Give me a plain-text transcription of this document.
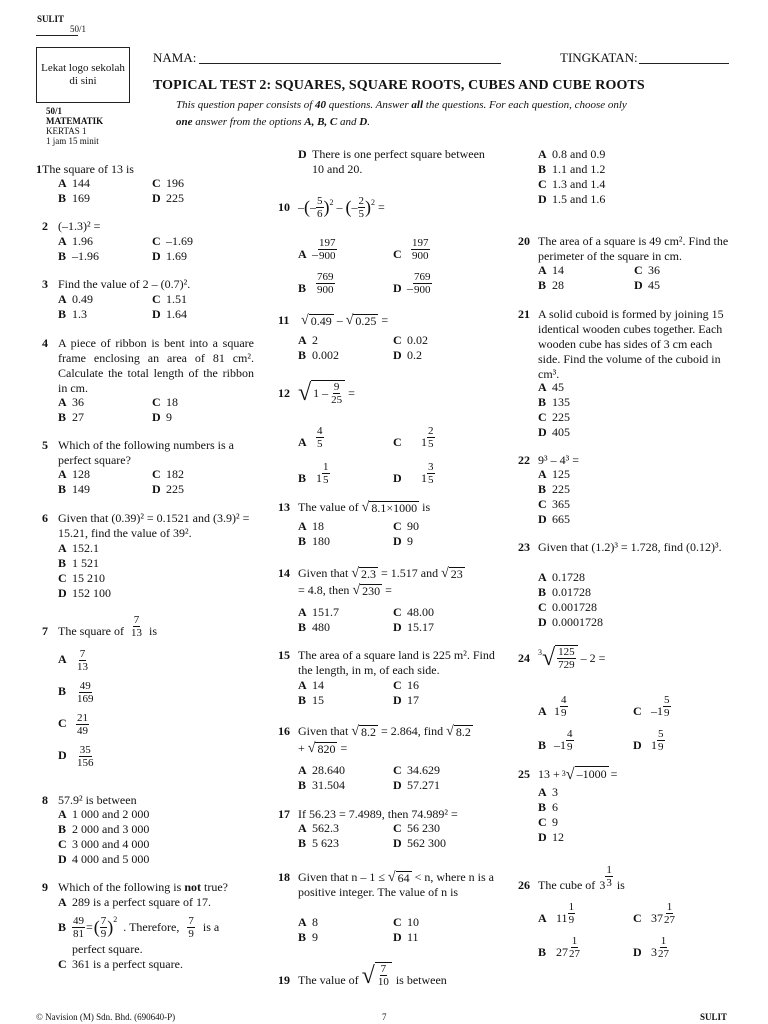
SULIT
50/1
Lekat logo sekolah di sini
50/1
MATEMATIK
KERTAS 1
1 jam 15 minit
NAMA:	TINGKATAN:
TOPICAL TEST 2: SQUARES, SQUARE ROOTS, CUBES AND CUBE ROOTS
This question paper consists of 40 questions. Answer all the questions. For each question, choose only
one answer from the options A, B, C and D.
1The square of 13 is
A 144	C 196
B 169	D 225
2 (–1.3)² =
A 1.96	C –1.69
B –1.96	D 1.69
3 Find the value of 2 – (0.7)².
A 0.49	C 1.51
B 1.3	D 1.64
4 A piece of ribbon is bent into a square frame enclosing an area of 81 cm². Calculate the total length of the ribbon in cm.
A 36	C 18
B 27	D 9
5 Which of the following numbers is a perfect square?
A 128	C 182
B 149	D 225
6 Given that (0.39)² = 0.1521 and (3.9)² = 15.21, find the value of 39².
A 152.1
B 1 521
C 15 210
D 152 100
7 The square of $\frac{7}{13}$ is
A $\frac{7}{13}$
B $\frac{49}{169}$
C $\frac{21}{49}$
D $\frac{35}{156}$
8 57.9² is between
A 1 000 and 2 000
B 2 000 and 3 000
C 3 000 and 4 000
D 4 000 and 5 000
9 Which of the following is not true?
A 289 is a perfect square of 17.
B $\frac{49}{81}$ = ( $\frac{7}{9} )^2$ . Therefore, $\frac{7}{9}$ is a
perfect square.
C 361 is a perfect square.
D There is one perfect square between 10 and 20.
10 – ( – $\frac{5}{6} )^2$ – ( – $\frac{2}{5} )^2$ =
A – $\frac{197}{900}$	C $\frac{197}{900}$
B $\frac{769}{900}$	D – $\frac{769}{900}$
11 √ 0.49 – √ 0.25 =
A 2	C 0.02
B 0.002	D 0.2
12 √ $1 - \frac{9}{25}$ =
A $\frac{4}{5}$	C	$1 \frac{2}{5}$
B $1 \frac{1}{5}$	D	$1 \frac{3}{5}$
13 The value of √ 8.1×1000 is
A 18	C 90
B 180	D 9
14 Given that √ 2.3 = 1.517 and √ 23
= 4.8, then √ 230 =
A 151.7	C 48.00
B 480	D 15.17
15 The area of a square land is 225 m². Find the length, in m, of each side.
A 14	C 16
B 15	D 17
16 Given that √ 8.2 = 2.864, find √ 8.2
+ √ 820 =
A 28.640	C 34.629
B 31.504	D 57.271
17 If 56.23 = 7.4989, then 74.989² =
A 562.3	C 56 230
B 5 623	D 562 300
18 Given that n – 1 ≤ √ 64 < n, where n is a positive integer. The value of n is
A 8	C 10
B 9	D 11
19 The value of √ $\frac{7}{10}$ is between
A 0.8 and 0.9
B 1.1 and 1.2
C 1.3 and 1.4
D 1.5 and 1.6
20 The area of a square is 49 cm². Find the perimeter of the square in cm.
A 14	C 36
B 28	D 45
21 A solid cuboid is formed by joining 15 identical wooden cubes together. Each wooden cube has sides of 3 cm each side. Find the volume of the cuboid in cm³.
A 45
B 135
C 225
D 405
22 9³ – 4³ =
A 125
B 225
C 365
D 665
23 Given that (1.2)³ = 1.728, find (0.12)³.
A 0.1728
B 0.01728
C 0.001728
D 0.0001728
24	$^3$ √ $\frac{125}{729} - 2$ =
A $1 \frac{4}{9}$	C $-1 \frac{5}{9}$
B $-1 \frac{4}{9}$	D $1 \frac{5}{9}$
25 13 + 3 √ –1000 =
A 3
B 6
C 9
D 12
26 The cube of $3 \frac{1}{3}$ is
A $11 \frac{1}{9}$	C $37 \frac{1}{27}$
B $27 \frac{1}{27}$	D $3 \frac{1}{27}$
© Navision (M) Sdn. Bhd. (690640-P)	7	SULIT
